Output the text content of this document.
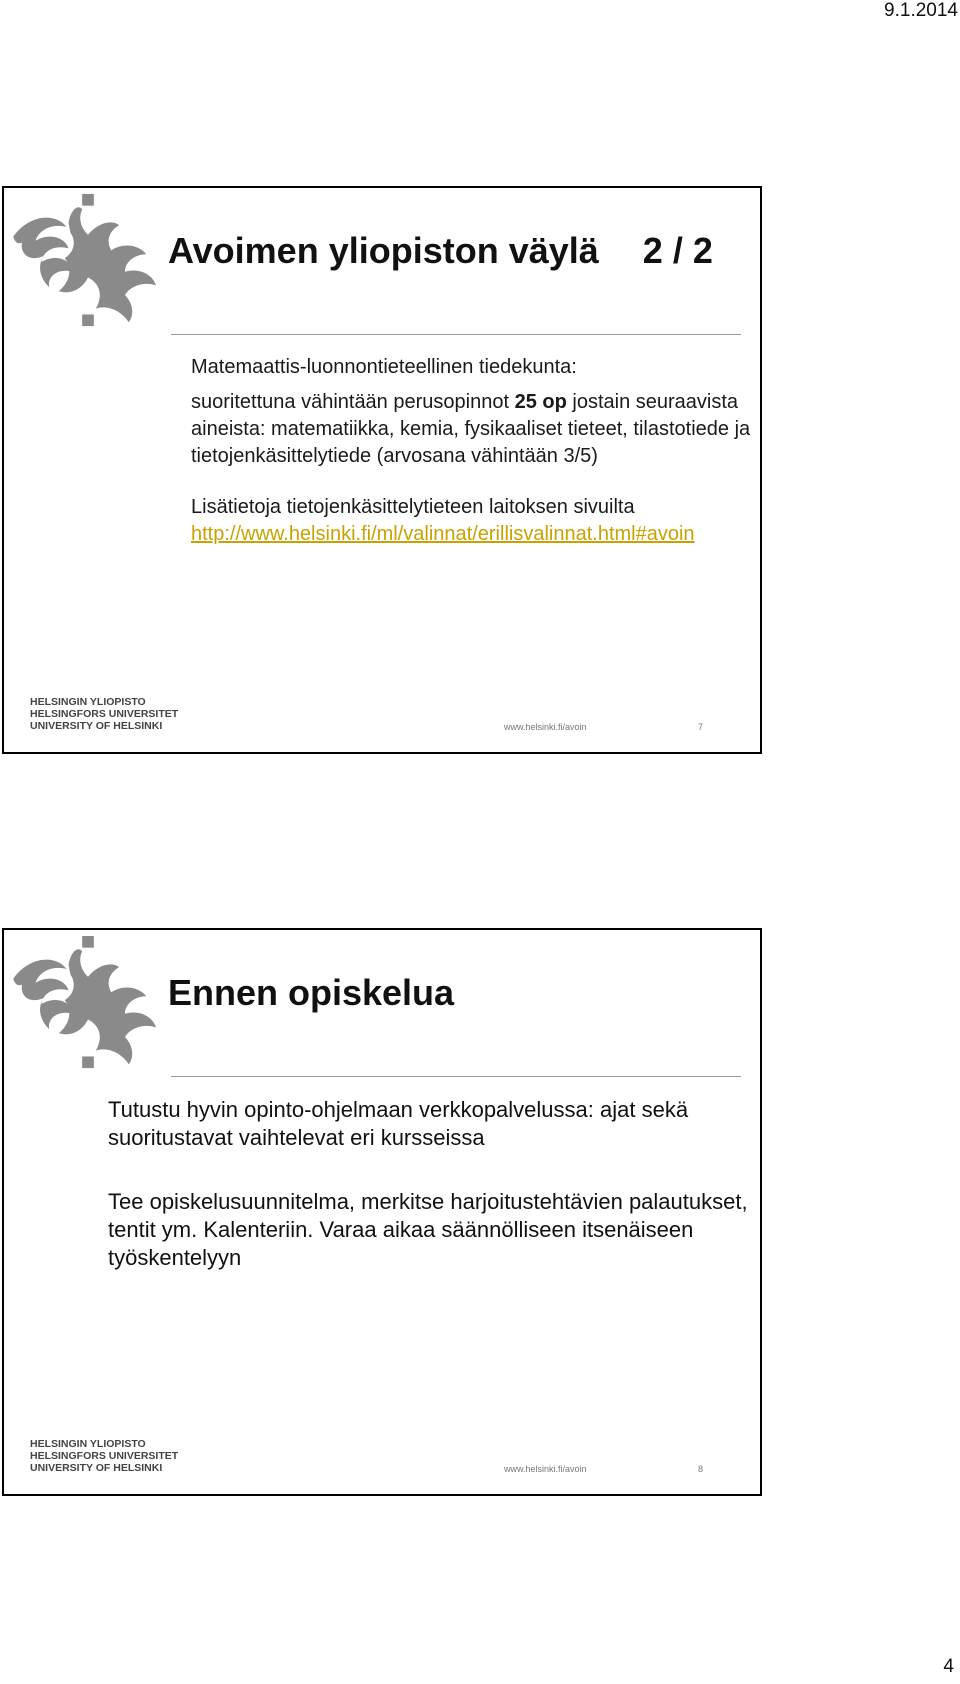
9.1.2014
Avoimen yliopiston väylä 2 / 2

Matemaattis-luonnontieteellinen tiedekunta:

suoritettuna vähintään perusopinnot 25 op jostain seuraavista aineista: matematiikka, kemia, fysikaaliset tieteet, tilastotiede ja tietojenkäsittelytiede (arvosana vähintään 3/5)

Lisätietoja tietojenkäsittelytieteen laitoksen sivuilta

http://www.helsinki.fi/ml/valinnat/erillisvalinnat.html#avoin

HELSINGIN YLIOPISTO
HELSINGFORS UNIVERSITET
UNIVERSITY OF HELSINKI	www.helsinki.fi/avoin	7
Ennen opiskelua

Tutustu hyvin opinto-ohjelmaan verkkopalvelussa: ajat sekä suoritustavat vaihtelevat eri kursseissa

Tee opiskelusuunnitelma, merkitse harjoitustehtävien palautukset, tentit ym. Kalenteriin. Varaa aikaa säännölliseen itsenäiseen työskentelyyn

HELSINGIN YLIOPISTO
HELSINGFORS UNIVERSITET
UNIVERSITY OF HELSINKI	www.helsinki.fi/avoin	8
4
